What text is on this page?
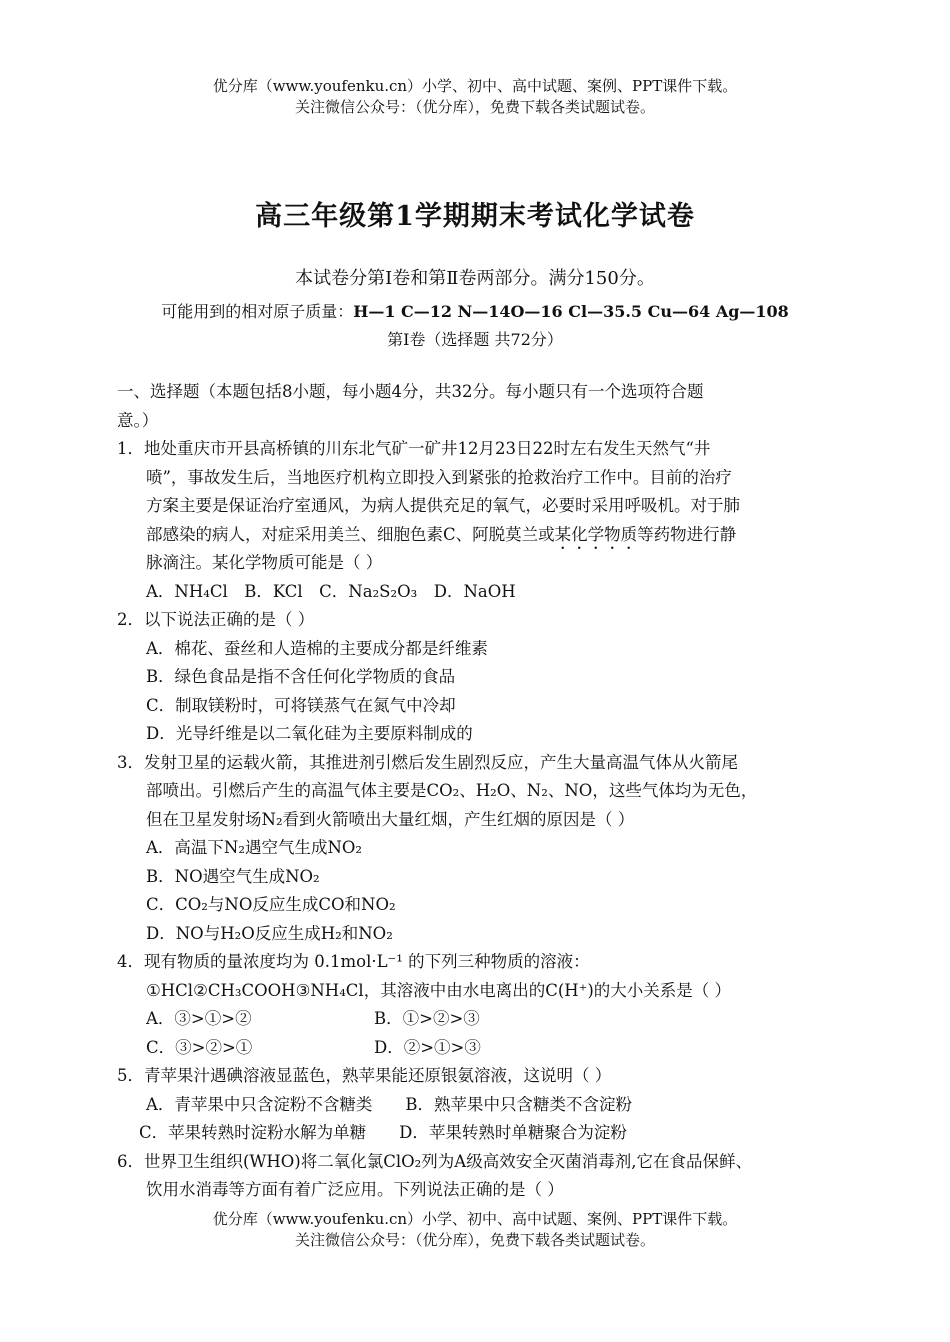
优分库（www.youfenku.cn）小学、初中、高中试题、案例、PPT课件下载。
关注微信公众号：（优分库），免费下载各类试题试卷。
高三年级第1学期期末考试化学试卷
本试卷分第Ⅰ卷和第Ⅱ卷两部分。满分150分。
可能用到的相对原子质量：H—1 C—12 N—14O—16 Cl—35.5 Cu—64 Ag—108
第Ⅰ卷（选择题 共72分）
一、选择题（本题包括8小题，每小题4分，共32分。每小题只有一个选项符合题
意。）
1．地处重庆市开县高桥镇的川东北气矿一矿井12月23日22时左右发生天然气“井
喷”，事故发生后，当地医疗机构立即投入到紧张的抢救治疗工作中。目前的治疗
方案主要是保证治疗室通风，为病人提供充足的氧气，必要时采用呼吸机。对于肺
部感染的病人，对症采用美兰、细胞色素C、阿脱莫兰或某化学物质等药物进行静
脉滴注。某化学物质可能是（ ）
A．NH₄Cl　B．KCl　C．Na₂S₂O₃　D．NaOH
2．以下说法正确的是（ ）
A．棉花、蚕丝和人造棉的主要成分都是纤维素
B．绿色食品是指不含任何化学物质的食品
C．制取镁粉时，可将镁蒸气在氮气中冷却
D．光导纤维是以二氧化硅为主要原料制成的
3．发射卫星的运载火箭，其推进剂引燃后发生剧烈反应，产生大量高温气体从火箭尾
部喷出。引燃后产生的高温气体主要是CO₂、H₂O、N₂、NO，这些气体均为无色，
但在卫星发射场N₂看到火箭喷出大量红烟，产生红烟的原因是（ ）
A．高温下N₂遇空气生成NO₂
B．NO遇空气生成NO₂
C．CO₂与NO反应生成CO和NO₂
D．NO与H₂O反应生成H₂和NO₂
4．现有物质的量浓度均为 0.1mol·L⁻¹ 的下列三种物质的溶液：
①HCl②CH₃COOH③NH₄Cl，其溶液中由水电离出的C(H⁺)的大小关系是（ ）
A．③>①>②	B．①>②>③
C．③>②>①	D．②>①>③
5．青苹果汁遇碘溶液显蓝色，熟苹果能还原银氨溶液，这说明（ ）
A．青苹果中只含淀粉不含糖类　　B．熟苹果中只含糖类不含淀粉
C．苹果转熟时淀粉水解为单糖　　D．苹果转熟时单糖聚合为淀粉
6．世界卫生组织(WHO)将二氧化氯ClO₂列为A级高效安全灭菌消毒剂,它在食品保鲜、
饮用水消毒等方面有着广泛应用。下列说法正确的是（ ）
优分库（www.youfenku.cn）小学、初中、高中试题、案例、PPT课件下载。
关注微信公众号：（优分库），免费下载各类试题试卷。
